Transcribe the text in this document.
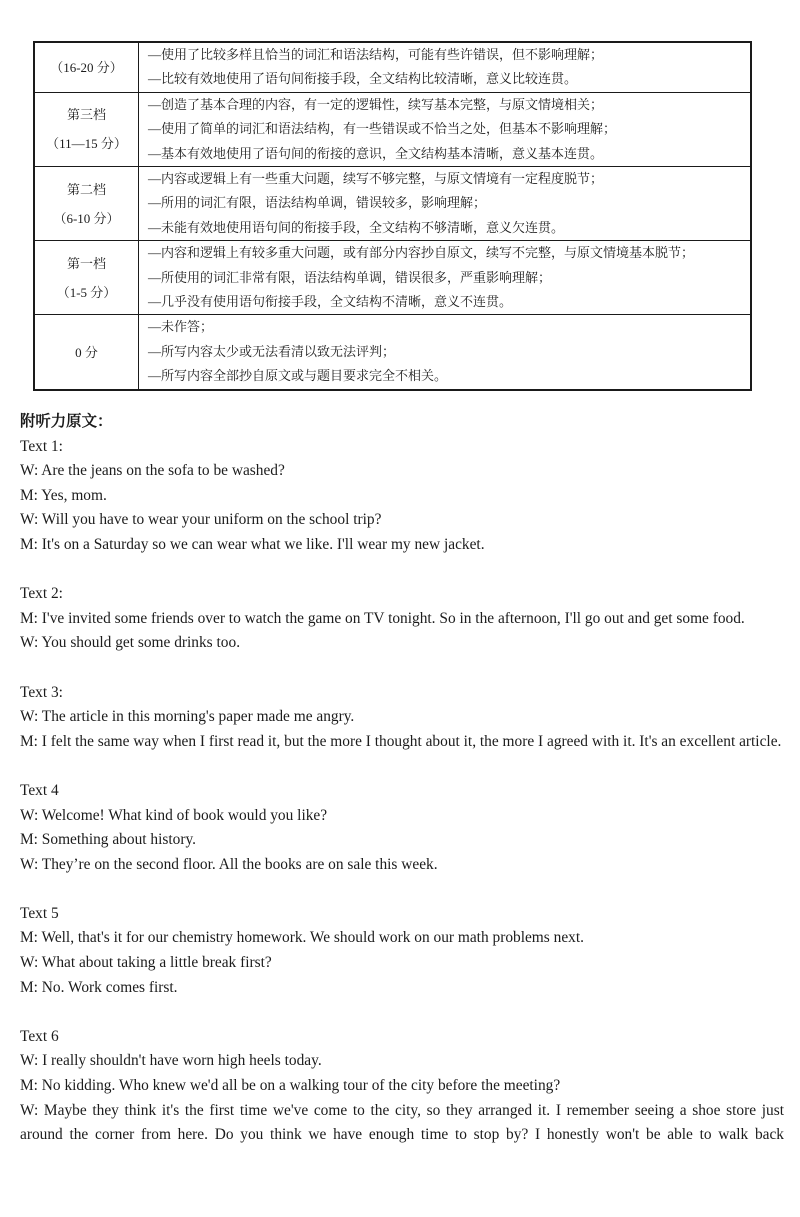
（16-20 分）	—使用了比较多样且恰当的词汇和语法结构，可能有些许错误，但不影响理解；

—比较有效地使用了语句间衔接手段，全文结构比较清晰，意义比较连贯。

第三档
（11—15 分）

—创造了基本合理的内容，有一定的逻辑性，续写基本完整，与原文情境相关；

—使用了简单的词汇和语法结构，有一些错误或不恰当之处，但基本不影响理解；

—基本有效地使用了语句间的衔接的意识，全文结构基本清晰，意义基本连贯。

第二档
（6-10 分）

—内容或逻辑上有一些重大问题，续写不够完整，与原文情境有一定程度脱节；

—所用的词汇有限，语法结构单调，错误较多，影响理解；

—未能有效地使用语句间的衔接手段，全文结构不够清晰，意义欠连贯。

第一档
（1-5 分）

—内容和逻辑上有较多重大问题，或有部分内容抄自原文，续写不完整，与原文情境基本脱节；

—所使用的词汇非常有限，语法结构单调，错误很多，严重影响理解；

—几乎没有使用语句衔接手段，全文结构不清晰，意义不连贯。

0 分	—未作答；

—所写内容太少或无法看清以致无法评判；

—所写内容全部抄自原文或与题目要求完全不相关。

附听力原文：

Text 1:

W: Are the jeans on the sofa to be washed?

M: Yes, mom.

W: Will you have to wear your uniform on the school trip?

M: It's on a Saturday so we can wear what we like. I'll wear my new jacket.

Text 2:

M: I've invited some friends over to watch the game on TV tonight. So in the afternoon, I'll go out and get some food.

W: You should get some drinks too.

Text 3:

W: The article in this morning's paper made me angry.

M: I felt the same way when I first read it, but the more I thought about it, the more I agreed with it. It's an excellent article.

Text 4

W: Welcome! What kind of book would you like?

M: Something about history.

W: They’re on the second floor. All the books are on sale this week.

Text 5

M: Well, that's it for our chemistry homework. We should work on our math problems next.

W: What about taking a little break first?

M: No. Work comes first.

Text 6

W: I really shouldn't have worn high heels today.

M: No kidding. Who knew we'd all be on a walking tour of the city before the meeting?

W: Maybe they think it's the first time we've come to the city, so they arranged it. I remember seeing a shoe store just around the corner from here. Do you think we have enough time to stop by? I honestly won't be able to walk back
